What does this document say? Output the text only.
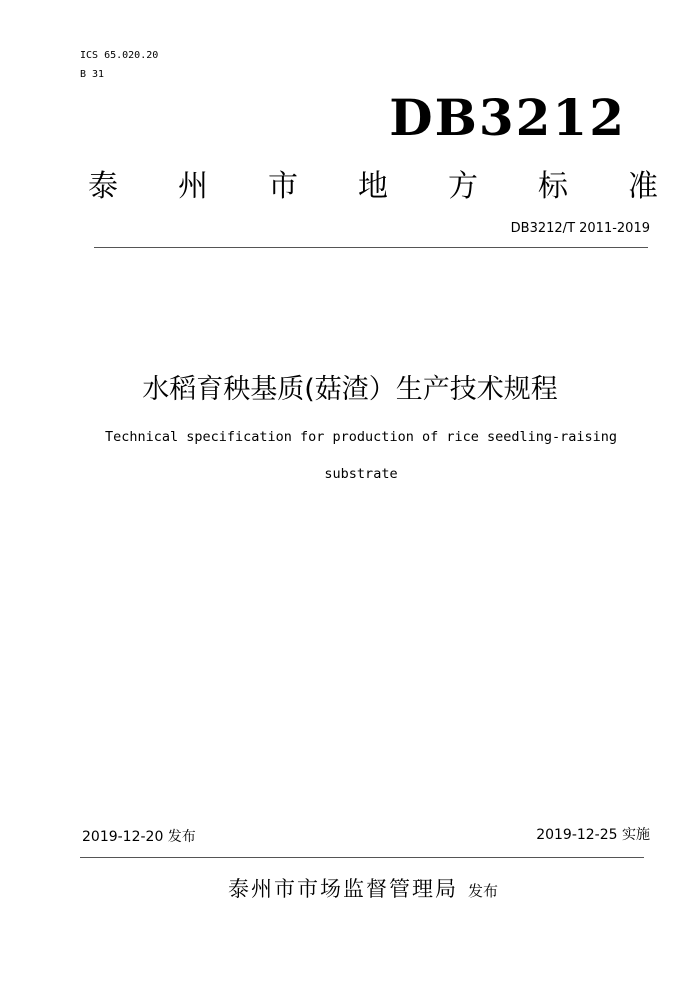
ICS 65.020.20
B 31
DB3212
泰 州 市 地 方 标 准
DB3212/T 2011-2019
水稻育秧基质(菇渣）生产技术规程
Technical specification for production of rice seedling-raising
substrate
2019-12-20 发布	2019-12-25 实施
泰州市市场监督管理局 发布
